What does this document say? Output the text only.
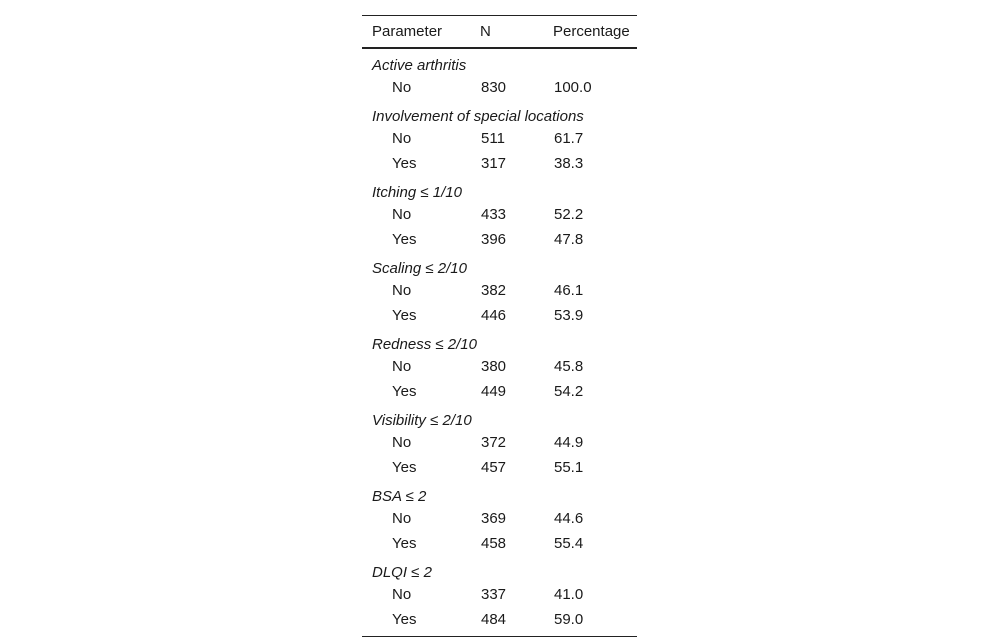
Parameter	N	Percentage
Active arthritis		
No	830	100.0
Involvement of special locations		
No	511	61.7
Yes	317	38.3
Itching ≤ 1/10		
No	433	52.2
Yes	396	47.8
Scaling ≤ 2/10		
No	382	46.1
Yes	446	53.9
Redness ≤ 2/10		
No	380	45.8
Yes	449	54.2
Visibility ≤ 2/10		
No	372	44.9
Yes	457	55.1
BSA ≤ 2		
No	369	44.6
Yes	458	55.4
DLQI ≤ 2		
No	337	41.0
Yes	484	59.0
